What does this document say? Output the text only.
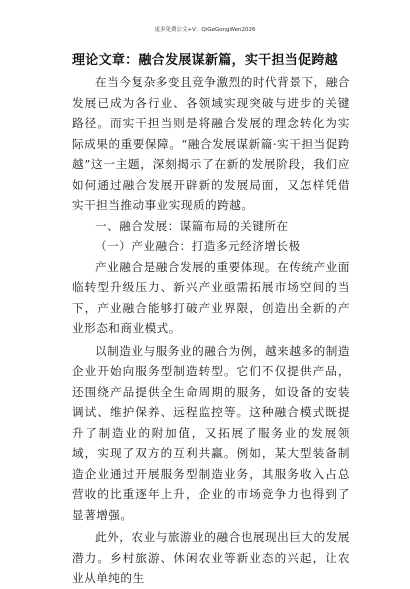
更多免费公文+V：QiGeGongWen2026
理论文章：融合发展谋新篇，实干担当促跨越

在当今复杂多变且竞争激烈的时代背景下，融合发展已成为各行业、各领域实现突破与进步的关键路径。而实干担当则是将融合发展的理念转化为实际成果的重要保障。“融合发展谋新篇·实干担当促跨越”这一主题，深刻揭示了在新的发展阶段，我们应如何通过融合发展开辟新的发展局面，又怎样凭借实干担当推动事业实现质的跨越。

一、融合发展：谋篇布局的关键所在

（一）产业融合：打造多元经济增长极

产业融合是融合发展的重要体现。在传统产业面临转型升级压力、新兴产业亟需拓展市场空间的当下，产业融合能够打破产业界限，创造出全新的产业形态和商业模式。

以制造业与服务业的融合为例，越来越多的制造企业开始向服务型制造转型。它们不仅提供产品，还围绕产品提供全生命周期的服务，如设备的安装调试、维护保养、远程监控等。这种融合模式既提升了制造业的附加值，又拓展了服务业的发展领域，实现了双方的互利共赢。例如，某大型装备制造企业通过开展服务型制造业务，其服务收入占总营收的比重逐年上升，企业的市场竞争力也得到了显著增强。

此外，农业与旅游业的融合也展现出巨大的发展潜力。乡村旅游、休闲农业等新业态的兴起，让农业从单纯的生
